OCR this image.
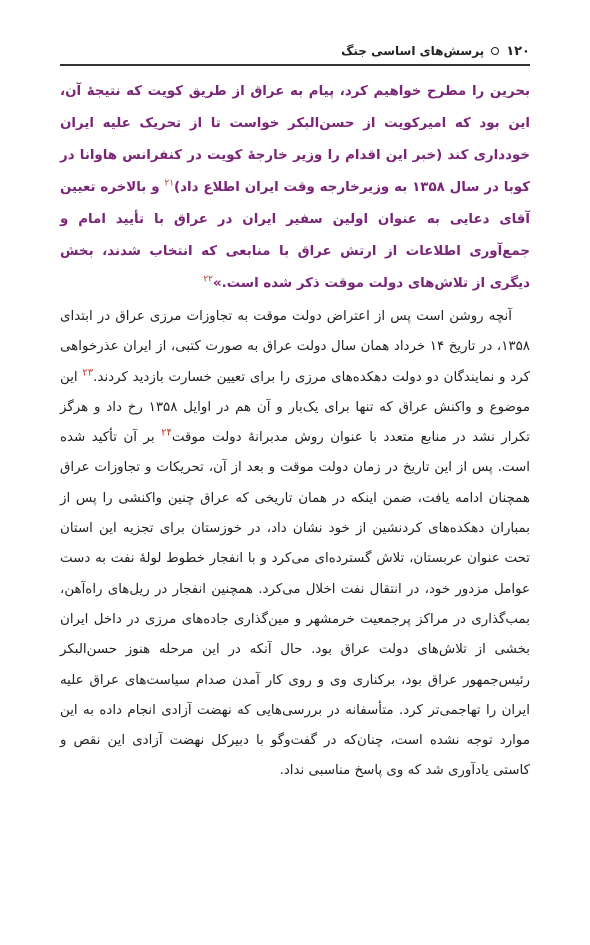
۱۲۰
پرسش‌های اساسی جنگ
بحرین را مطرح خواهیم کرد، پیام به عراق از طریق کویت که نتیجهٔ آن، این بود که امیرکویت از حسن‌البکر خواست تا از تحریک علیه ایران خودداری کند (خبر این اقدام را وزیر خارجهٔ کویت در کنفرانس هاوانا در کوبا در سال ۱۳۵۸ به وزیرخارجه وقت ایران اطلاع داد)$^{۲۱}$ و بالاخره تعیین آقای دعایی به عنوان اولین سفیر ایران در عراق با تأیید امام و جمع‌آوری اطلاعات از ارتش عراق با منابعی که انتخاب شدند، بخش دیگری از تلاش‌های دولت موقت ذکر شده است.»$^{۲۲}$

آنچه روشن است پس از اعتراض دولت موقت به تجاوزات مرزی عراق در ابتدای ۱۳۵۸، در تاریخ ۱۴ خرداد همان سال دولت عراق به صورت کتبی، از ایران عذرخواهی کرد و نمایندگان دو دولت دهکده‌های مرزی را برای تعیین خسارت بازدید کردند.$^{۲۳}$ این موضوع و واکنش عراق که تنها برای یک‌بار و آن هم در اوایل ۱۳۵۸ رخ داد و هرگز تکرار نشد در منابع متعدد با عنوان روش مدبرانهٔ دولت موقت$^{۲۴}$ بر آن تأکید شده است. پس از این تاریخ در زمان دولت موقت و بعد از آن، تحریکات و تجاوزات عراق همچنان ادامه یافت، ضمن اینکه در همان تاریخی که عراق چنین واکنشی را پس از بمباران دهکده‌های کردنشین از خود نشان داد، در خوزستان برای تجزیه این استان تحت عنوان عربستان، تلاش گسترده‌ای می‌کرد و با انفجار خطوط لولهٔ نفت به دست عوامل مزدور خود، در انتقال نفت اخلال می‌کرد. همچنین انفجار در ریل‌های راه‌آهن، بمب‌گذاری در مراکز پرجمعیت خرمشهر و مین‌گذاری جاده‌های مرزی در داخل ایران بخشی از تلاش‌های دولت عراق بود. حال آنکه در این مرحله هنوز حسن‌البکر رئیس‌جمهور عراق بود، برکناری وی و روی کار آمدن صدام سیاست‌های عراق علیه ایران را تهاجمی‌تر کرد. متأسفانه در بررسی‌هایی که نهضت آزادی انجام داده به این موارد توجه نشده است، چنان‌که در گفت‌وگو با دبیرکل نهضت آزادی این نقص و کاستی یادآوری شد که وی پاسخ مناسبی نداد.
